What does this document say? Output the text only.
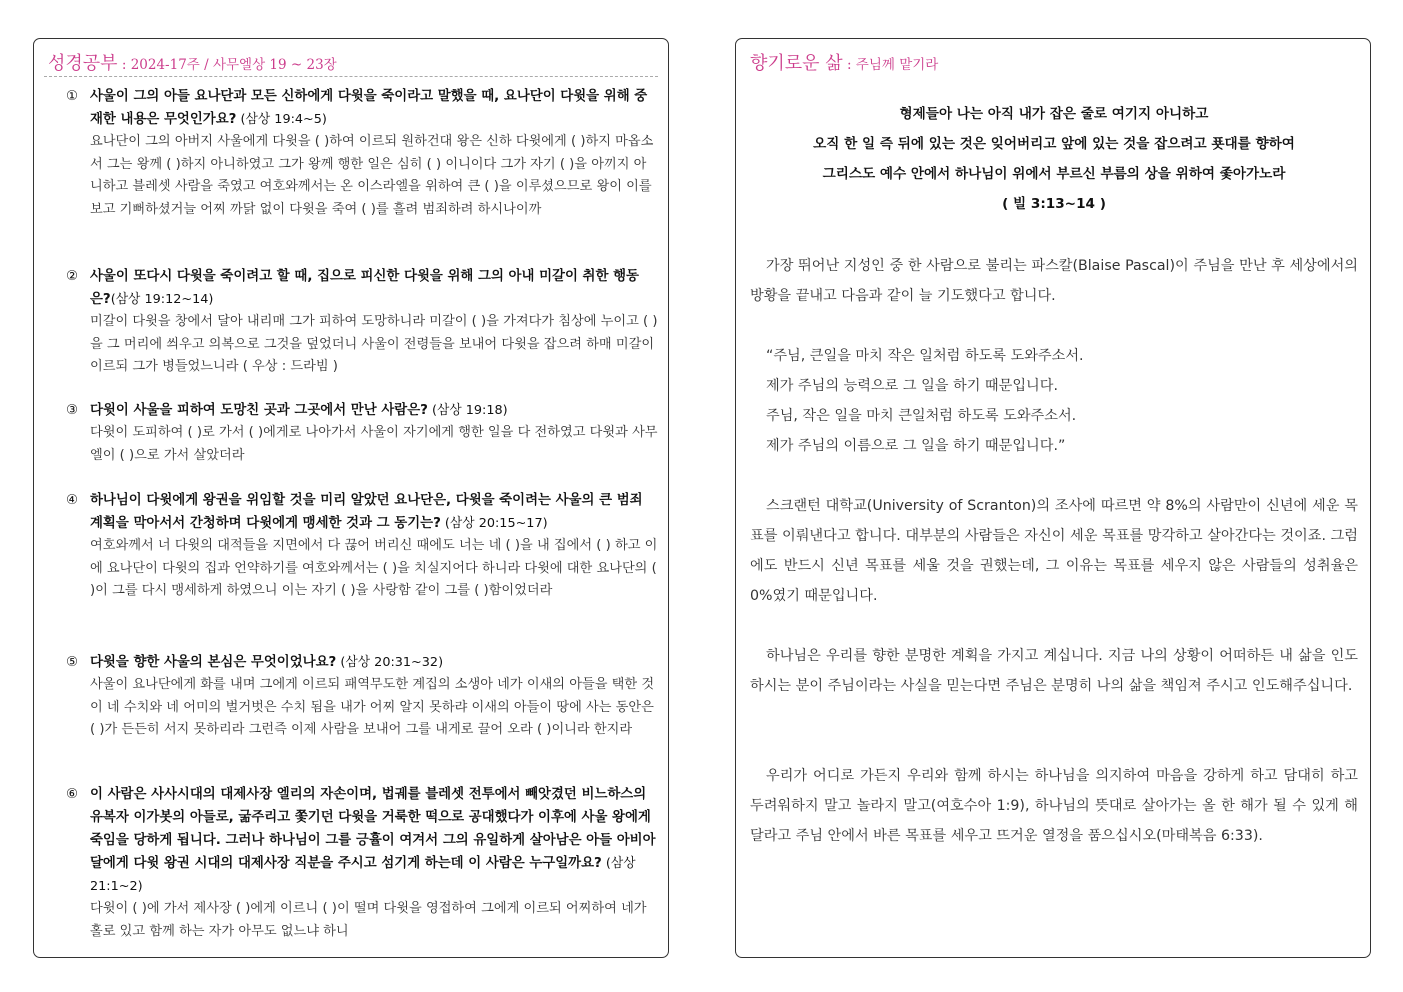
성경공부 : 2024-17주 / 사무엘상 19 ~ 23장
① 사울이 그의 아들 요나단과 모든 신하에게 다윗을 죽이라고 말했을 때, 요나단이 다윗을 위해 중재한 내용은 무엇인가요? (삼상 19:4~5)
요나단이 그의 아버지 사울에게 다윗을 ( )하여 이르되 원하건대 왕은 신하 다윗에게 ( )하지 마옵소서 그는 왕께 ( )하지 아니하였고 그가 왕께 행한 일은 심히 ( ) 이니이다 그가 자기 ( )을 아끼지 아니하고 블레셋 사람을 죽였고 여호와께서는 온 이스라엘을 위하여 큰 ( )을 이루셨으므로 왕이 이를 보고 기뻐하셨거늘 어찌 까닭 없이 다윗을 죽여 ( )를 흘려 범죄하려 하시나이까
② 사울이 또다시 다윗을 죽이려고 할 때, 집으로 피신한 다윗을 위해 그의 아내 미갈이 취한 행동은?(삼상 19:12~14)
미갈이 다윗을 창에서 달아 내리매 그가 피하여 도망하니라 미갈이 ( )을 가져다가 침상에 누이고 ( )을 그 머리에 씌우고 의복으로 그것을 덮었더니 사울이 전령들을 보내어 다윗을 잡으려 하매 미갈이 이르되 그가 병들었느니라 ( 우상 : 드라빔 )
③ 다윗이 사울을 피하여 도망친 곳과 그곳에서 만난 사람은? (삼상 19:18)
다윗이 도피하여 ( )로 가서 ( )에게로 나아가서 사울이 자기에게 행한 일을 다 전하였고 다윗과 사무엘이 ( )으로 가서 살았더라
④ 하나님이 다윗에게 왕권을 위임할 것을 미리 알았던 요나단은, 다윗을 죽이려는 사울의 큰 범죄 계획을 막아서서 간청하며 다윗에게 맹세한 것과 그 동기는? (삼상 20:15~17)
여호와께서 너 다윗의 대적들을 지면에서 다 끊어 버리신 때에도 너는 네 ( )을 내 집에서 ( ) 하고 이에 요나단이 다윗의 집과 언약하기를 여호와께서는 ( )을 치실지어다 하니라 다윗에 대한 요나단의 ( )이 그를 다시 맹세하게 하였으니 이는 자기 ( )을 사랑함 같이 그를 ( )함이었더라
⑤ 다윗을 향한 사울의 본심은 무엇이었나요? (삼상 20:31~32)
사울이 요나단에게 화를 내며 그에게 이르되 패역무도한 계집의 소생아 네가 이새의 아들을 택한 것이 네 수치와 네 어미의 벌거벗은 수치 됨을 내가 어찌 알지 못하랴 이새의 아들이 땅에 사는 동안은 ( )가 든든히 서지 못하리라 그런즉 이제 사람을 보내어 그를 내게로 끌어 오라 ( )이니라 한지라
⑥ 이 사람은 사사시대의 대제사장 엘리의 자손이며, 법궤를 블레셋 전투에서 빼앗겼던 비느하스의 유복자 이가봇의 아들로, 굶주리고 쫓기던 다윗을 거룩한 떡으로 공대했다가 이후에 사울 왕에게 죽임을 당하게 됩니다. 그러나 하나님이 그를 긍휼이 여겨서 그의 유일하게 살아남은 아들 아비아달에게 다윗 왕권 시대의 대제사장 직분을 주시고 섬기게 하는데 이 사람은 누구일까요? (삼상 21:1~2)
다윗이 ( )에 가서 제사장 ( )에게 이르니 ( )이 떨며 다윗을 영접하여 그에게 이르되 어찌하여 네가 홀로 있고 함께 하는 자가 아무도 없느냐 하니
향기로운 삶 : 주님께 맡기라
형제들아 나는 아직 내가 잡은 줄로 여기지 아니하고
오직 한 일 즉 뒤에 있는 것은 잊어버리고 앞에 있는 것을 잡으려고 푯대를 향하여
그리스도 예수 안에서 하나님이 위에서 부르신 부름의 상을 위하여 좇아가노라
( 빌 3:13~14 )
가장 뛰어난 지성인 중 한 사람으로 불리는 파스칼(Blaise Pascal)이 주님을 만난 후 세상에서의 방황을 끝내고 다음과 같이 늘 기도했다고 합니다.
“주님, 큰일을 마치 작은 일처럼 하도록 도와주소서.
제가 주님의 능력으로 그 일을 하기 때문입니다.
주님, 작은 일을 마치 큰일처럼 하도록 도와주소서.
제가 주님의 이름으로 그 일을 하기 때문입니다.”
스크랜턴 대학교(University of Scranton)의 조사에 따르면 약 8%의 사람만이 신년에 세운 목표를 이뤄낸다고 합니다. 대부분의 사람들은 자신이 세운 목표를 망각하고 살아간다는 것이죠. 그럼에도 반드시 신년 목표를 세울 것을 권했는데, 그 이유는 목표를 세우지 않은 사람들의 성취율은 0%였기 때문입니다.
하나님은 우리를 향한 분명한 계획을 가지고 계십니다. 지금 나의 상황이 어떠하든 내 삶을 인도하시는 분이 주님이라는 사실을 믿는다면 주님은 분명히 나의 삶을 책임져 주시고 인도해주십니다.
우리가 어디로 가든지 우리와 함께 하시는 하나님을 의지하여 마음을 강하게 하고 담대히 하고 두려워하지 말고 놀라지 말고(여호수아 1:9), 하나님의 뜻대로 살아가는 올 한 해가 될 수 있게 해달라고 주님 안에서 바른 목표를 세우고 뜨거운 열정을 품으십시오(마태복음 6:33).
